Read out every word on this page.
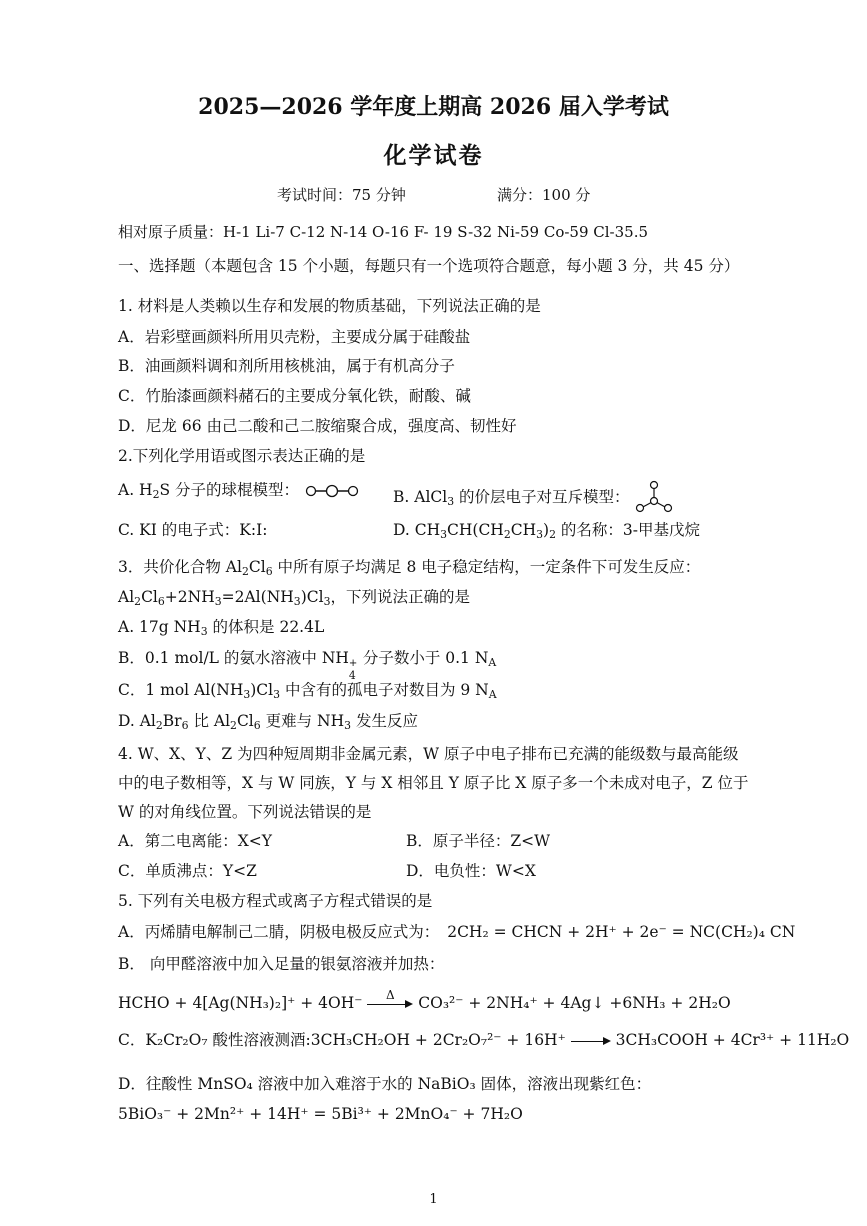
2025—2026 学年度上期高 2026 届入学考试
化学试卷
考试时间：75 分钟	满分：100 分
相对原子质量：H-1 Li-7 C-12 N-14 O-16 F- 19 S-32 Ni-59 Co-59 Cl-35.5
一、选择题（本题包含 15 个小题，每题只有一个选项符合题意，每小题 3 分，共 45 分）
1. 材料是人类赖以生存和发展的物质基础，下列说法正确的是
A．岩彩壁画颜料所用贝壳粉，主要成分属于硅酸盐
B．油画颜料调和剂所用核桃油，属于有机高分子
C．竹胎漆画颜料赭石的主要成分氧化铁，耐酸、碱
D．尼龙 66 由己二酸和己二胺缩聚合成，强度高、韧性好
2.下列化学用语或图示表达正确的是
A. $H_2S$ 分子的球棍模型：	B. AlCl$_3$ 的价层电子对互斥模型：
C. KI 的电子式：K:I:	D. $CH_3CH(CH_2CH_3)_2$ 的名称：3-甲基戊烷
3．共价化合物 $Al_2Cl_6$ 中所有原子均满足 8 电子稳定结构，一定条件下可发生反应：
$Al_2Cl_6+2NH_3=2Al(NH_3)Cl_3$，下列说法正确的是
A. 17g $NH_3$ 的体积是 22.4L
B．0.1 mol/L 的氨水溶液中 NH +
4
分子数小于 0.1 $N_A$
C．1 mol $Al(NH_3)Cl_3$ 中含有的孤电子对数目为 9 $N_A$
D. $Al_2Br_6$ 比 $Al_2Cl_6$ 更难与 $NH_3$ 发生反应
4. W、X、Y、Z 为四种短周期非金属元素，W 原子中电子排布已充满的能级数与最高能级
中的电子数相等，X 与 W 同族，Y 与 X 相邻且 Y 原子比 X 原子多一个未成对电子，Z 位于
W 的对角线位置。下列说法错误的是
A．第二电离能：X<Y	B．原子半径：Z<W
C．单质沸点：Y<Z	D．电负性：W<X
5. 下列有关电极方程式或离子方程式错误的是
A．丙烯腈电解制己二腈，阴极电极反应式为： 2CH₂ = CHCN + 2H⁺ + 2e⁻ = NC(CH₂)₄ CN
B． 向甲醛溶液中加入足量的银氨溶液并加热：
HCHO + 4[Ag(NH₃)₂]⁺ + 4OH⁻	Δ	CO₃²⁻ + 2NH₄⁺ + 4Ag↓ +6NH₃ + 2H₂O
C．K₂Cr₂O₇ 酸性溶液测酒:3CH₃CH₂OH + 2Cr₂O₇²⁻ + 16H⁺	3CH₃COOH + 4Cr³⁺ + 11H₂O
D．往酸性 MnSO₄ 溶液中加入难溶于水的 NaBiO₃ 固体，溶液出现紫红色：
5BiO₃⁻ + 2Mn²⁺ + 14H⁺ = 5Bi³⁺ + 2MnO₄⁻ + 7H₂O
1
